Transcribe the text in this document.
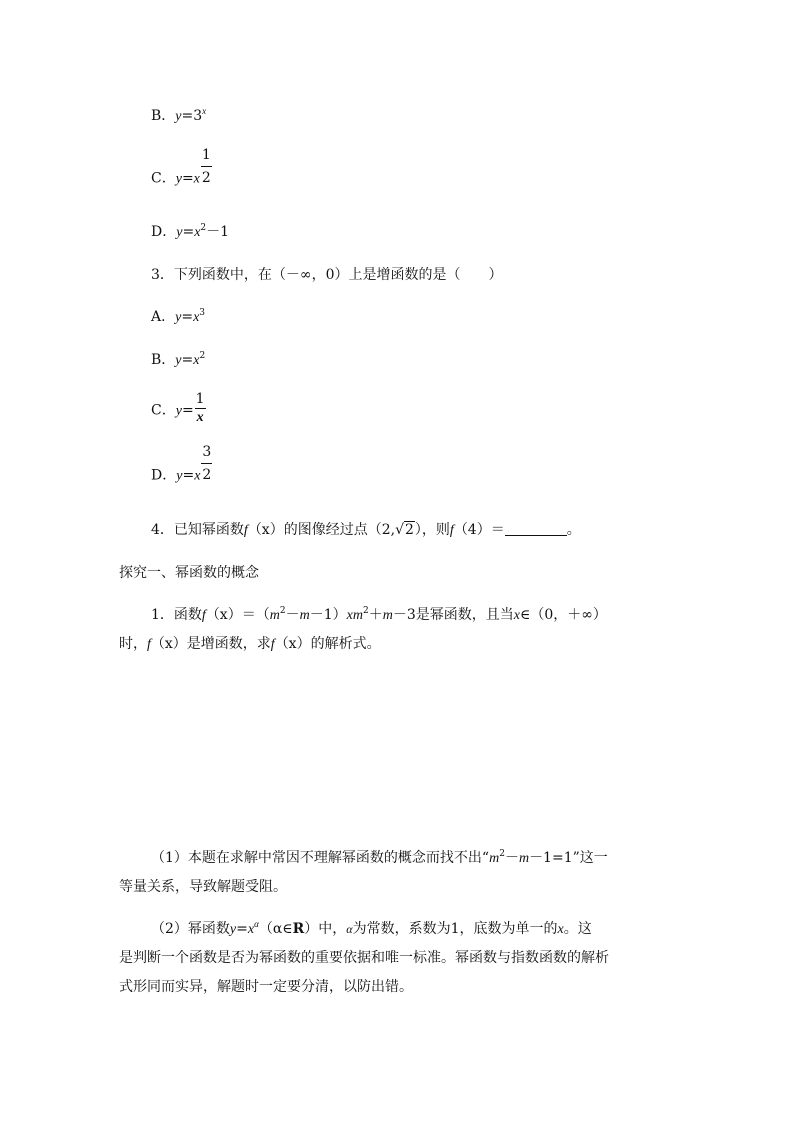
B．$y=3^x$
C．$y=x \frac{1}{2}$
D．$y=x^2-1$
3．下列函数中，在（－∞，0）上是增函数的是（　　）
A．$y=x^3$
B．$y=x^2$
C．$y= \frac{1}{x}$
D．$y=x \frac{3}{2}$
4．已知幂函数f（x）的图像经过点（2,√2），则f（4）＝	。
探究一、幂函数的概念
1．函数$f(x)=(m^2-m-1)xm^2+m-3$是幂函数，且当x∈（0，＋∞）
时，f（x）是增函数，求f（x）的解析式。
（1）本题在求解中常因不理解幂函数的概念而找不出“$m^2-m-1=1$”这一
等量关系，导致解题受阻。
（2）幂函数$y=x^\alpha(\alpha\in R)$中，α为常数，系数为1，底数为单一的x。这
是判断一个函数是否为幂函数的重要依据和唯一标准。幂函数与指数函数的解析
式形同而实异，解题时一定要分清，以防出错。
